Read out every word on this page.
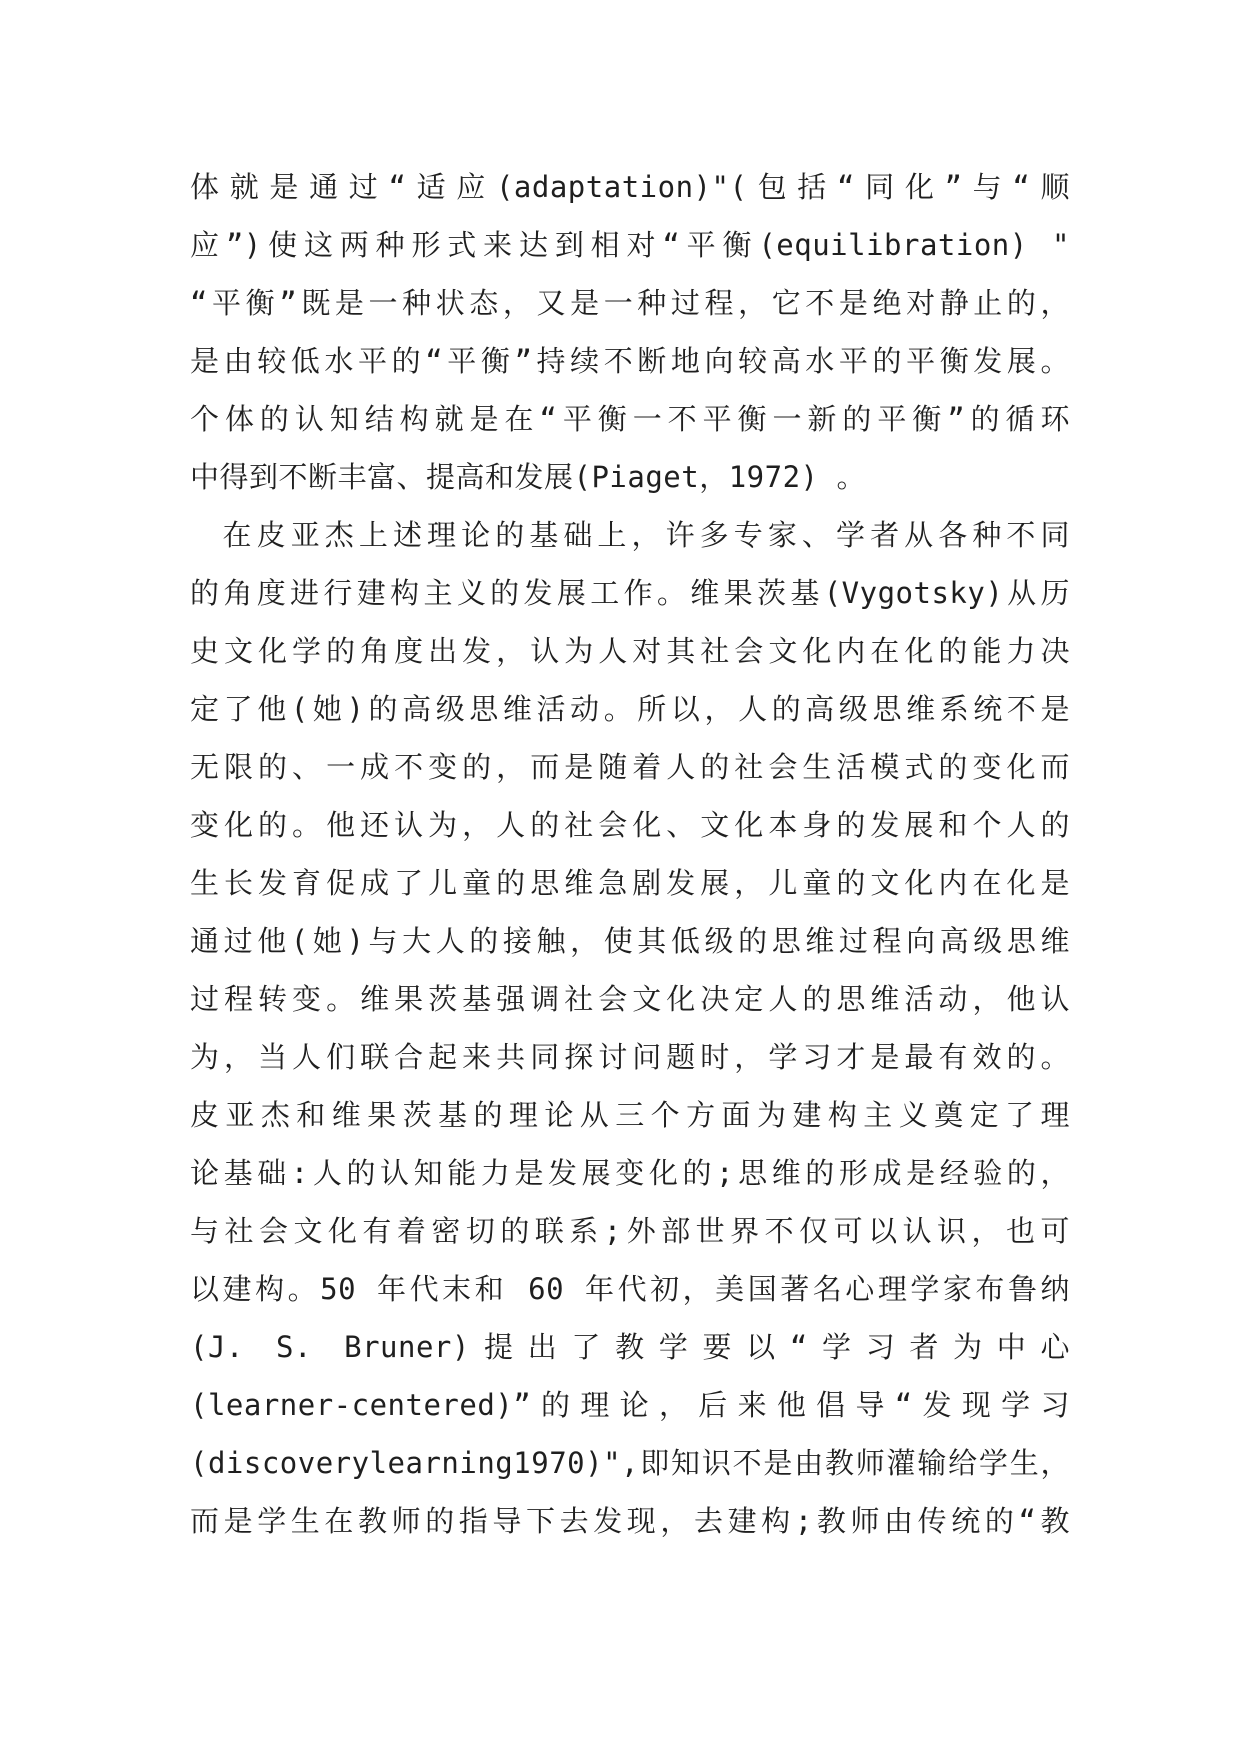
体就是通过“适应(adaptation)"(包括“同化”与“顺
应”)使这两种形式来达到相对“平衡(equilibration) "
“平衡”既是一种状态，又是一种过程，它不是绝对静止的，
是由较低水平的“平衡”持续不断地向较高水平的平衡发展。
个体的认知结构就是在“平衡一不平衡一新的平衡”的循环
中得到不断丰富、提高和发展(Piaget，1972) 。
在皮亚杰上述理论的基础上，许多专家、学者从各种不同
的角度进行建构主义的发展工作。维果茨基(Vygotsky)从历
史文化学的角度出发，认为人对其社会文化内在化的能力决
定了他(她)的高级思维活动。所以，人的高级思维系统不是
无限的、一成不变的，而是随着人的社会生活模式的变化而
变化的。他还认为，人的社会化、文化本身的发展和个人的
生长发育促成了儿童的思维急剧发展，儿童的文化内在化是
通过他(她)与大人的接触，使其低级的思维过程向高级思维
过程转变。维果茨基强调社会文化决定人的思维活动，他认
为，当人们联合起来共同探讨问题时，学习才是最有效的。
皮亚杰和维果茨基的理论从三个方面为建构主义奠定了理
论基础:人的认知能力是发展变化的;思维的形成是经验的，
与社会文化有着密切的联系;外部世界不仅可以认识，也可
以建构。50 年代末和 60 年代初，美国著名心理学家布鲁纳
(J. S. Bruner)提出了教学要以“学习者为中心
(learner-centered)”的理论，后来他倡导“发现学习
(discoverylearning1970)",即知识不是由教师灌输给学生，
而是学生在教师的指导下去发现，去建构;教师由传统的“教
